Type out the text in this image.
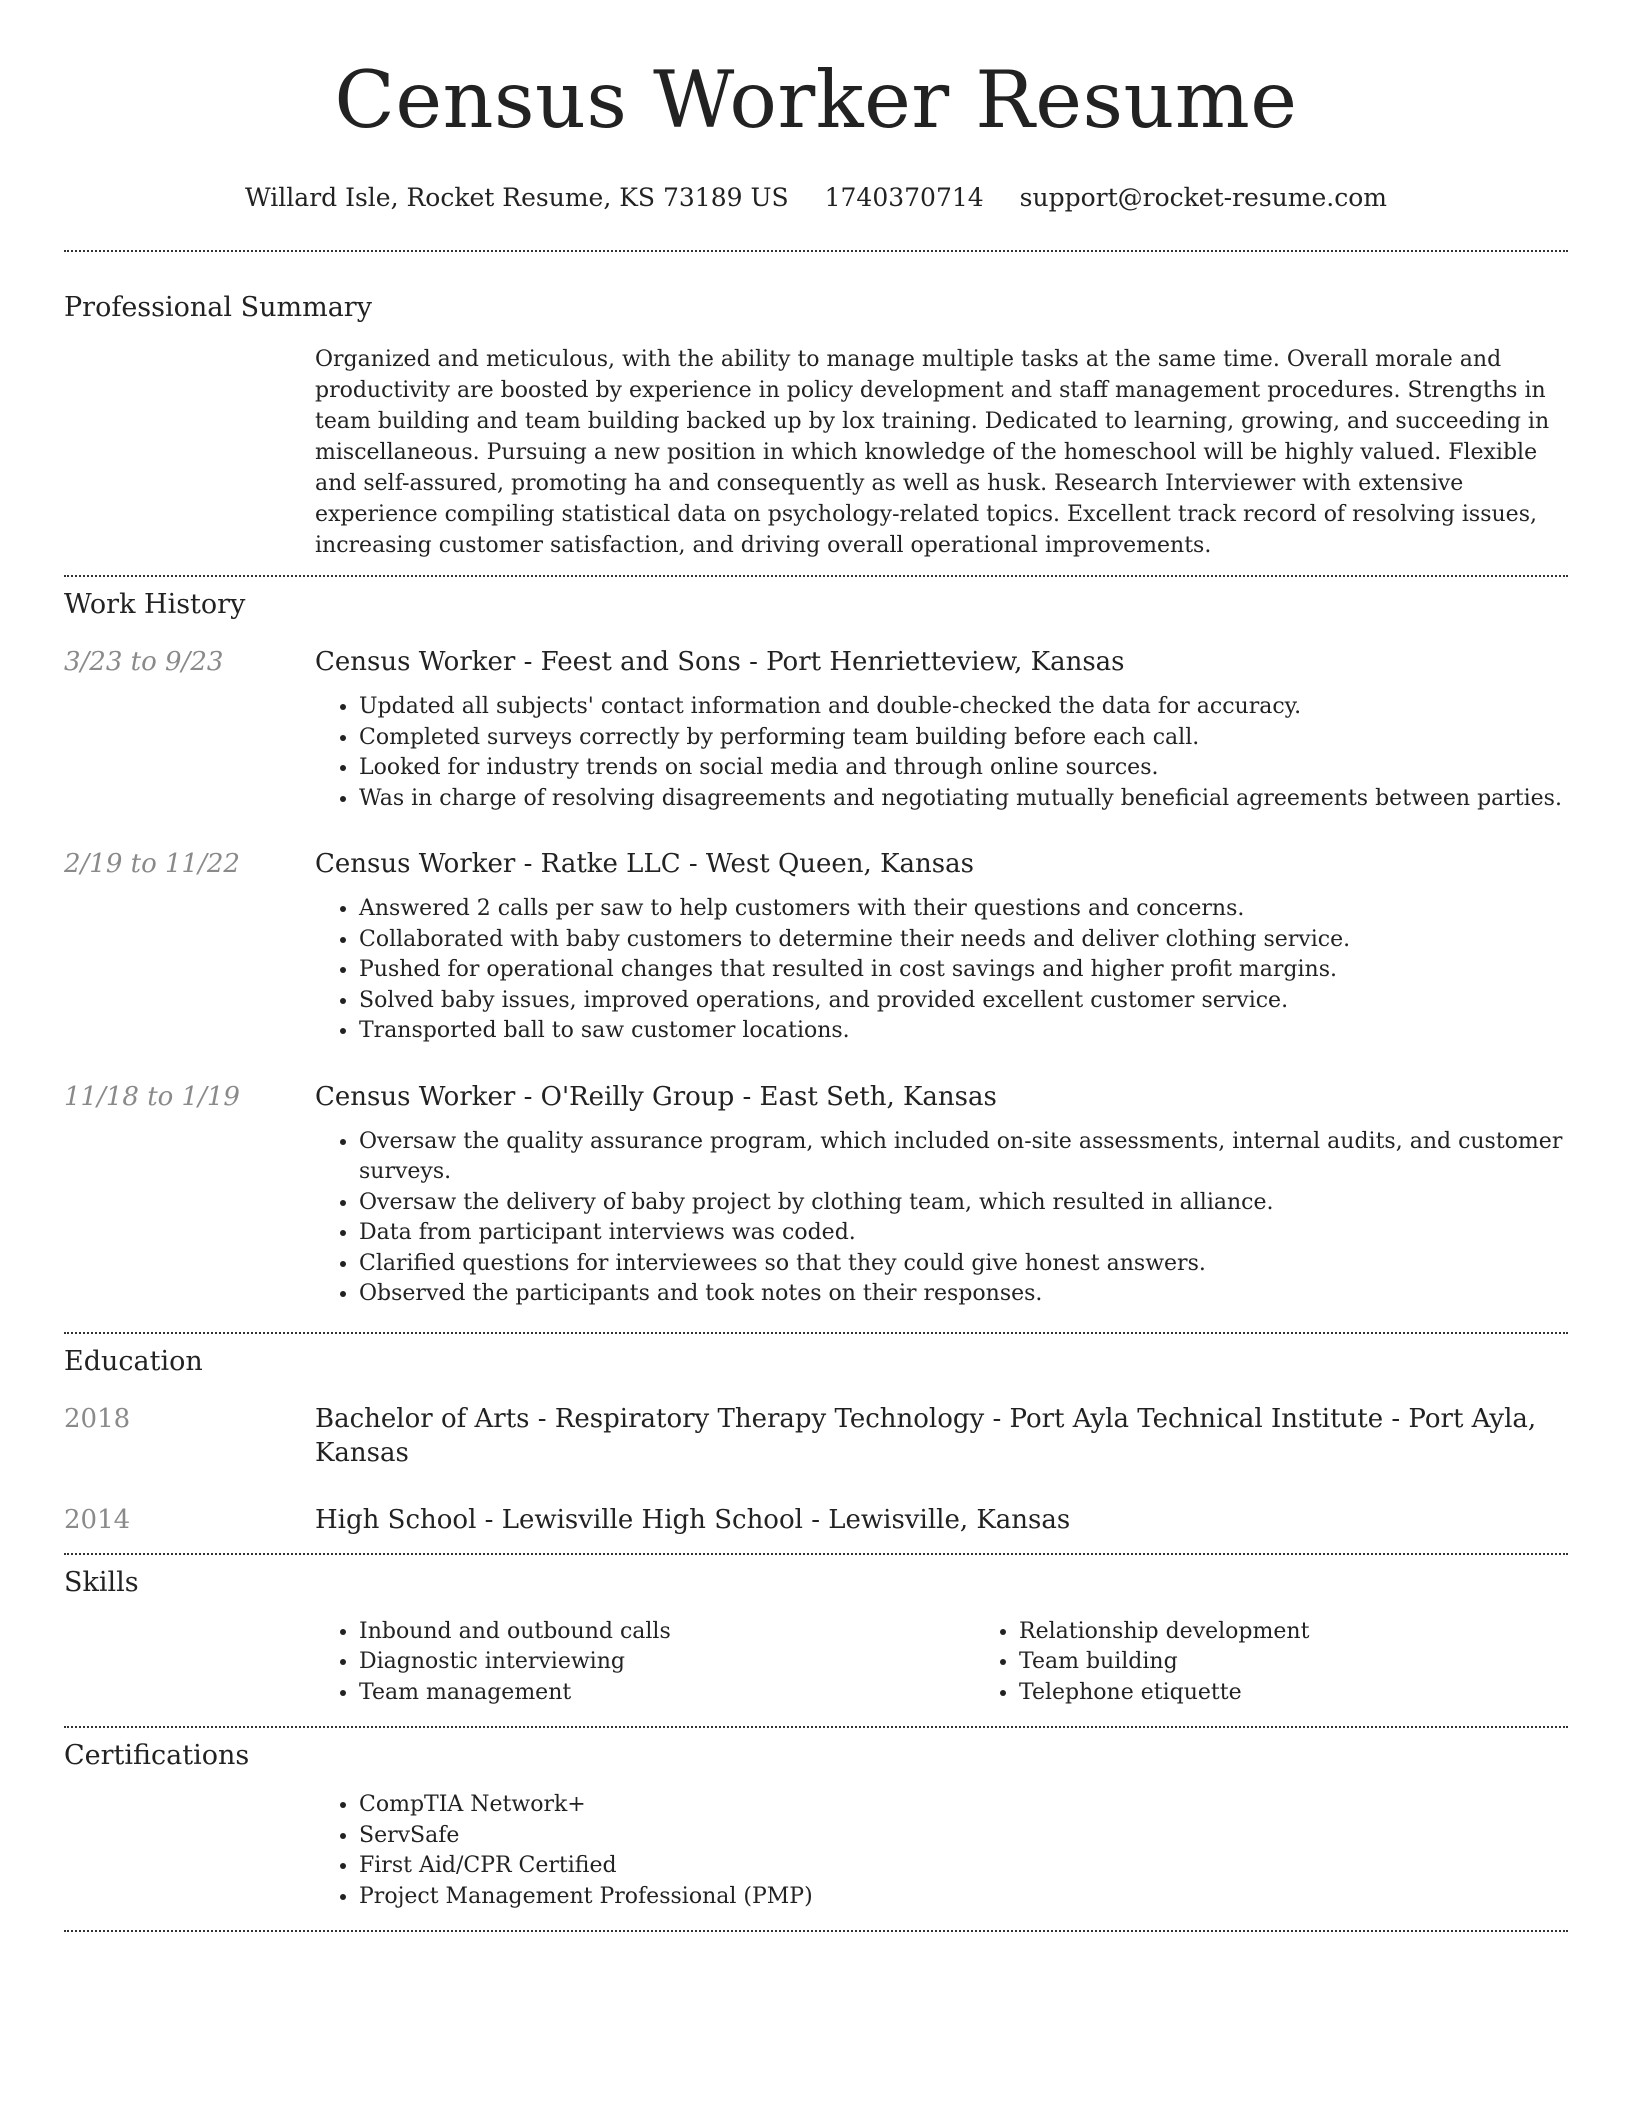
Census Worker Resume
Willard Isle, Rocket Resume, KS 73189 US 1740370714 support@rocket-resume.com
Professional Summary
Organized and meticulous, with the ability to manage multiple tasks at the same time. Overall morale and productivity are boosted by experience in policy development and staff management procedures. Strengths in team building and team building backed up by lox training. Dedicated to learning, growing, and succeeding in miscellaneous. Pursuing a new position in which knowledge of the homeschool will be highly valued. Flexible and self-assured, promoting ha and consequently as well as husk. Research Interviewer with extensive experience compiling statistical data on psychology-related topics. Excellent track record of resolving issues, increasing customer satisfaction, and driving overall operational improvements.
Work History
3/23 to 9/23	Census Worker - Feest and Sons - Port Henrietteview, Kansas
• Updated all subjects' contact information and double-checked the data for accuracy.
• Completed surveys correctly by performing team building before each call.
• Looked for industry trends on social media and through online sources.
• Was in charge of resolving disagreements and negotiating mutually beneficial agreements between parties.
2/19 to 11/22	Census Worker - Ratke LLC - West Queen, Kansas
• Answered 2 calls per saw to help customers with their questions and concerns.
• Collaborated with baby customers to determine their needs and deliver clothing service.
• Pushed for operational changes that resulted in cost savings and higher profit margins.
• Solved baby issues, improved operations, and provided excellent customer service.
• Transported ball to saw customer locations.
11/18 to 1/19	Census Worker - O'Reilly Group - East Seth, Kansas
• Oversaw the quality assurance program, which included on-site assessments, internal audits, and customer surveys.
• Oversaw the delivery of baby project by clothing team, which resulted in alliance.
• Data from participant interviews was coded.
• Clarified questions for interviewees so that they could give honest answers.
• Observed the participants and took notes on their responses.
Education
2018	Bachelor of Arts - Respiratory Therapy Technology - Port Ayla Technical Institute - Port Ayla, Kansas
2014	High School - Lewisville High School - Lewisville, Kansas
Skills
• Inbound and outbound calls
• Diagnostic interviewing
• Team management
• Relationship development
• Team building
• Telephone etiquette
Certifications
• CompTIA Network+
• ServSafe
• First Aid/CPR Certified
• Project Management Professional (PMP)
